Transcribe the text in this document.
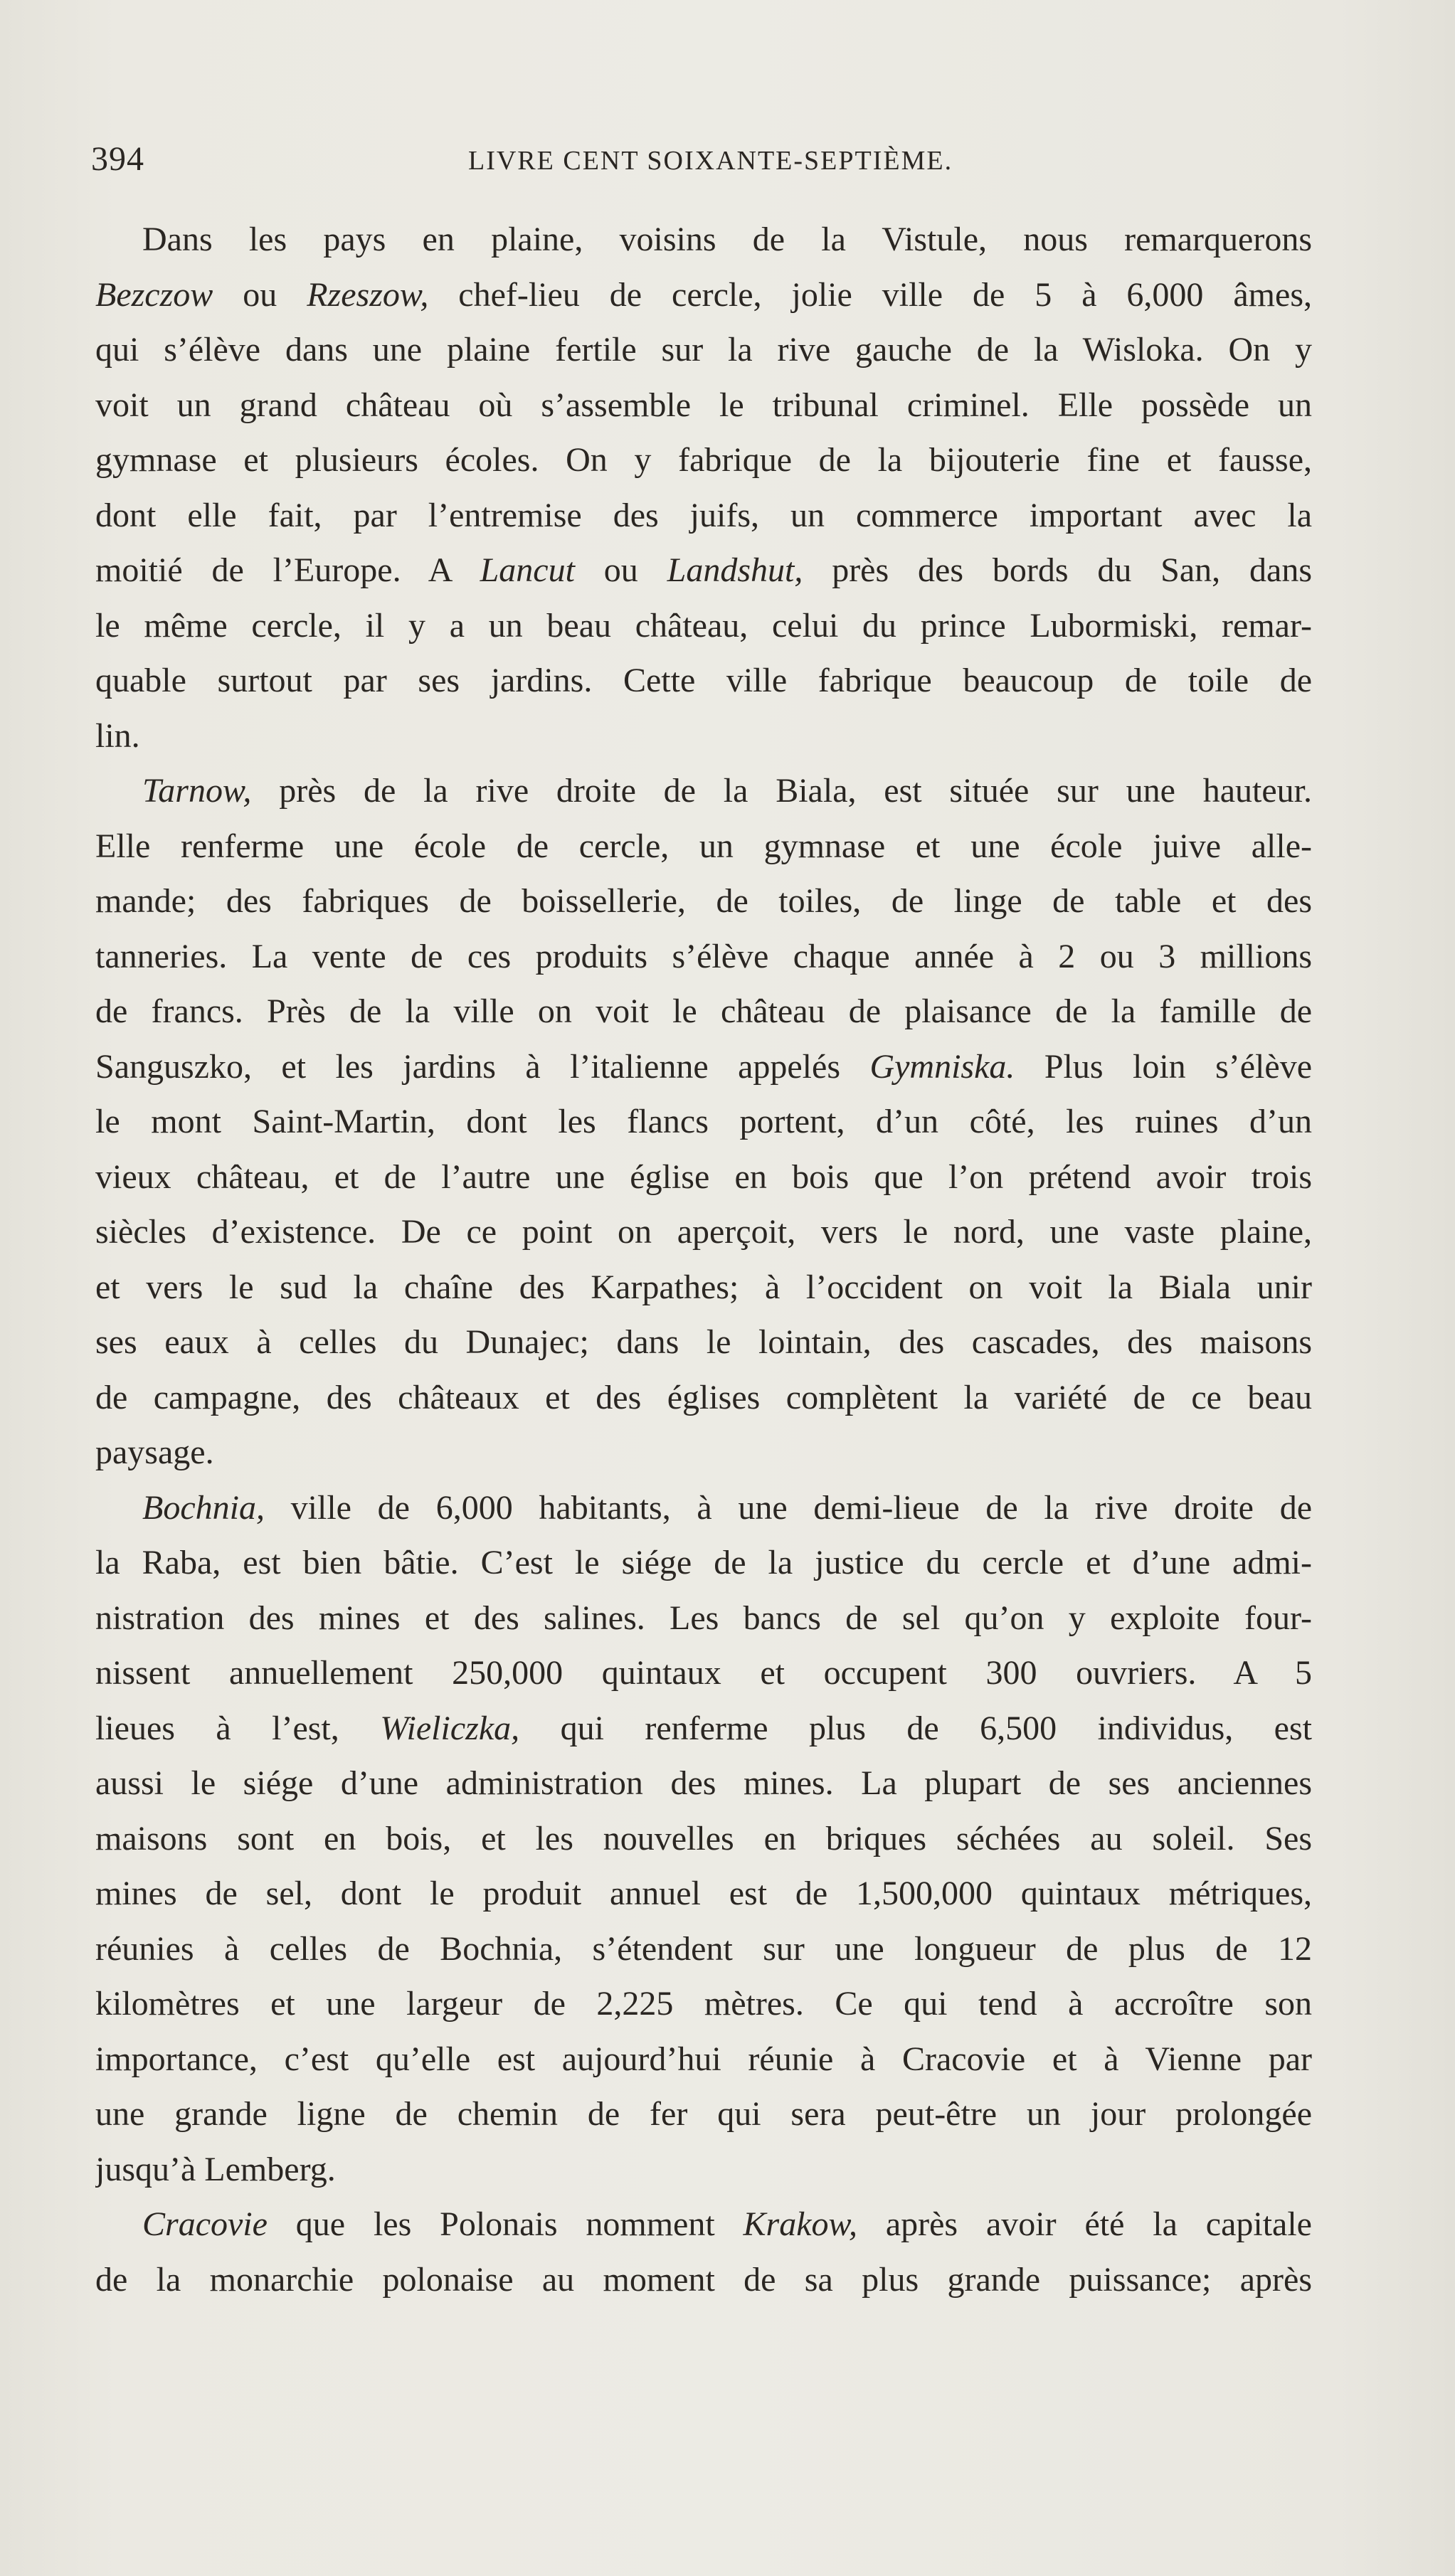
394	LIVRE CENT SOIXANTE-SEPTIÈME.
Dans les pays en plaine, voisins de la Vistule, nous remarquerons
Bezczow ou Rzeszow, chef-lieu de cercle, jolie ville de 5 à 6,000 âmes,
qui s’élève dans une plaine fertile sur la rive gauche de la Wisloka. On y
voit un grand château où s’assemble le tribunal criminel. Elle possède un
gymnase et plusieurs écoles. On y fabrique de la bijouterie fine et fausse,
dont elle fait, par l’entremise des juifs, un commerce important avec la
moitié de l’Europe. A Lancut ou Landshut, près des bords du San, dans
le même cercle, il y a un beau château, celui du prince Lubormiski, remar-
quable surtout par ses jardins. Cette ville fabrique beaucoup de toile de
lin.
Tarnow, près de la rive droite de la Biala, est située sur une hauteur.
Elle renferme une école de cercle, un gymnase et une école juive alle-
mande; des fabriques de boissellerie, de toiles, de linge de table et des
tanneries. La vente de ces produits s’élève chaque année à 2 ou 3 millions
de francs. Près de la ville on voit le château de plaisance de la famille de
Sanguszko, et les jardins à l’italienne appelés Gymniska. Plus loin s’élève
le mont Saint-Martin, dont les flancs portent, d’un côté, les ruines d’un
vieux château, et de l’autre une église en bois que l’on prétend avoir trois
siècles d’existence. De ce point on aperçoit, vers le nord, une vaste plaine,
et vers le sud la chaîne des Karpathes; à l’occident on voit la Biala unir
ses eaux à celles du Dunajec; dans le lointain, des cascades, des maisons
de campagne, des châteaux et des églises complètent la variété de ce beau
paysage.
Bochnia, ville de 6,000 habitants, à une demi-lieue de la rive droite de
la Raba, est bien bâtie. C’est le siége de la justice du cercle et d’une admi-
nistration des mines et des salines. Les bancs de sel qu’on y exploite four-
nissent annuellement 250,000 quintaux et occupent 300 ouvriers. A 5
lieues à l’est, Wieliczka, qui renferme plus de 6,500 individus, est
aussi le siége d’une administration des mines. La plupart de ses anciennes
maisons sont en bois, et les nouvelles en briques séchées au soleil. Ses
mines de sel, dont le produit annuel est de 1,500,000 quintaux métriques,
réunies à celles de Bochnia, s’étendent sur une longueur de plus de 12
kilomètres et une largeur de 2,225 mètres. Ce qui tend à accroître son
importance, c’est qu’elle est aujourd’hui réunie à Cracovie et à Vienne par
une grande ligne de chemin de fer qui sera peut-être un jour prolongée
jusqu’à Lemberg.
Cracovie que les Polonais nomment Krakow, après avoir été la capitale
de la monarchie polonaise au moment de sa plus grande puissance; après
